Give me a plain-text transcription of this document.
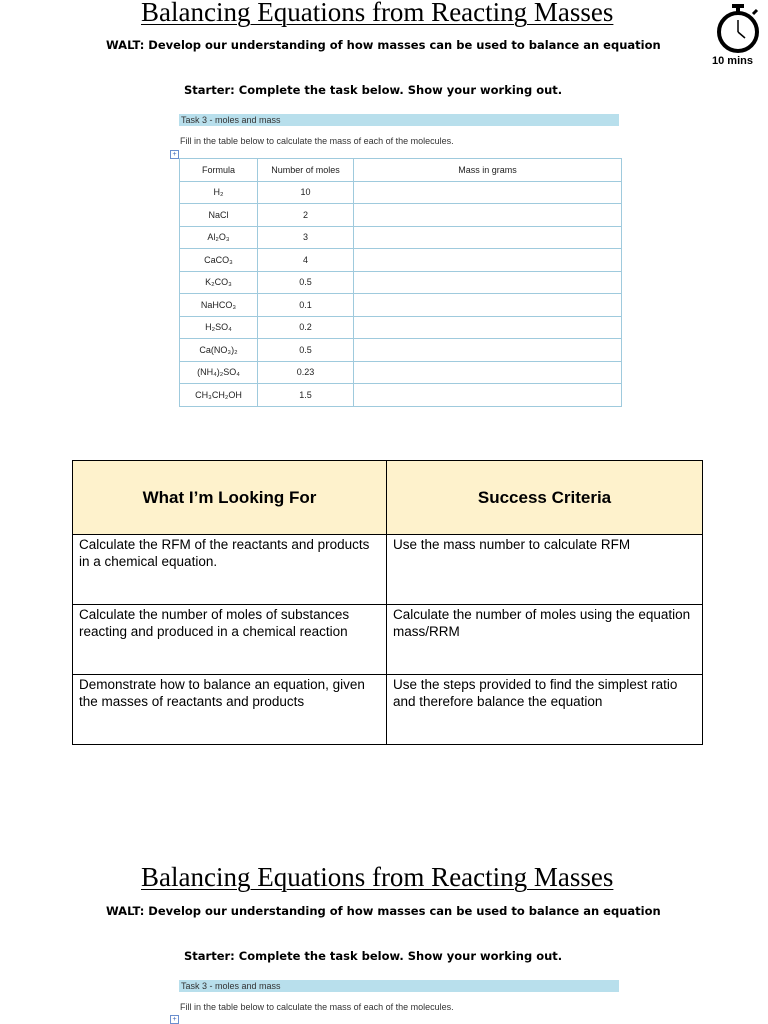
Balancing Equations from Reacting Masses
WALT: Develop our understanding of how masses can be used to balance an equation
10 mins
Starter: Complete the task below. Show your working out.
Task 3 - moles and mass
Fill in the table below to calculate the mass of each of the molecules.
+
Formula	Number of moles	Mass in grams
H₂	10	
NaCl	2	
Al₂O₃	3	
CaCO₃	4	
K₂CO₃	0.5	
NaHCO₃	0.1	
H₂SO₄	0.2	
Ca(NO₃)₂	0.5	
(NH₄)₂SO₄	0.23	
CH₃CH₂OH	1.5	
What I’m Looking For	Success Criteria
Calculate the RFM of the reactants and products in a chemical equation.	Use the mass number to calculate RFM
Calculate the number of moles of substances reacting and produced in a chemical reaction	Calculate the number of moles using the equation mass/RRM
Demonstrate how to balance an equation, given the masses of reactants and products	Use the steps provided to find the simplest ratio and therefore balance the equation
Balancing Equations from Reacting Masses
WALT: Develop our understanding of how masses can be used to balance an equation
Starter: Complete the task below. Show your working out.
Task 3 - moles and mass
Fill in the table below to calculate the mass of each of the molecules.
+
